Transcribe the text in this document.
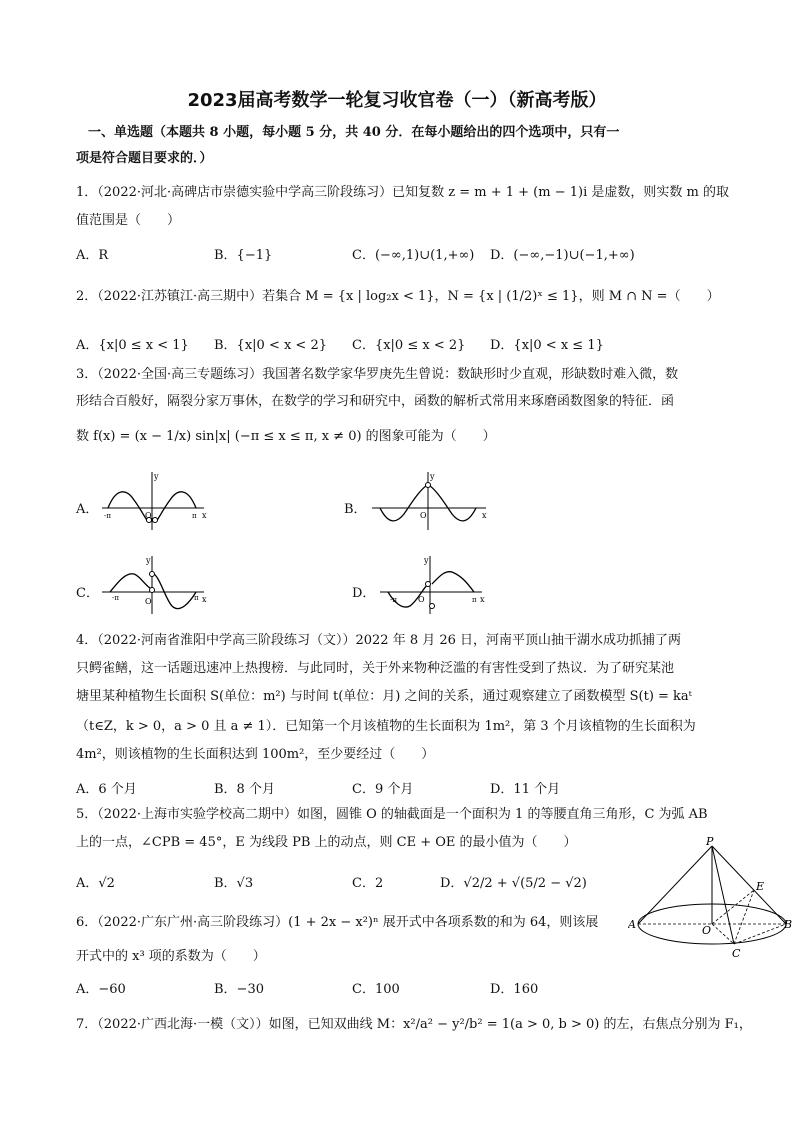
2023届高考数学一轮复习收官卷（一）（新高考版）
一、单选题（本题共 8 小题，每小题 5 分，共 40 分．在每小题给出的四个选项中，只有一
项是符合题目要求的．）
1．（2022·河北·高碑店市崇德实验中学高三阶段练习）已知复数 z = m + 1 + (m − 1)i 是虚数，则实数 m 的取
值范围是（　　）
A．R	B．{−1}	C．(−∞,1)∪(1,+∞) D．(−∞,−1)∪(−1,+∞)
2．（2022·江苏镇江·高三期中）若集合 M = {x | log₂x < 1}，N = {x | (1/2)ˣ ≤ 1}，则 M ∩ N =（　　）
A．{x|0 ≤ x < 1} B．{x|0 < x < 2} C．{x|0 ≤ x < 2} D．{x|0 < x ≤ 1}
3．（2022·全国·高三专题练习）我国著名数学家华罗庚先生曾说：数缺形时少直观，形缺数时难入微，数
形结合百般好，隔裂分家万事休，在数学的学习和研究中，函数的解析式常用来琢磨函数图象的特征．函
数 f(x) = (x − 1/x) sin|x| (−π ≤ x ≤ π, x ≠ 0) 的图象可能为（　　）
A．	B．
C．	D．
y
x
O
-π	π
y
x
O
y
x
O
-π	π
y
x
O
-π	π
4．（2022·河南省淮阳中学高三阶段练习（文））2022 年 8 月 26 日，河南平顶山抽干湖水成功抓捕了两
只鳄雀鳝，这一话题迅速冲上热搜榜．与此同时，关于外来物种泛滥的有害性受到了热议．为了研究某池
塘里某种植物生长面积 S(单位：m²) 与时间 t(单位：月) 之间的关系，通过观察建立了函数模型 S(t) = kaᵗ
（t∈Z，k > 0，a > 0 且 a ≠ 1）．已知第一个月该植物的生长面积为 1m²，第 3 个月该植物的生长面积为
4m²，则该植物的生长面积达到 100m²，至少要经过（　　）
A．6 个月	B．8 个月	C．9 个月	D．11 个月
5．（2022·上海市实验学校高二期中）如图，圆锥 O 的轴截面是一个面积为 1 的等腰直角三角形，C 为弧 AB
上的一点，∠CPB = 45°，E 为线段 PB 上的动点，则 CE + OE 的最小值为（　　）
A．√2	B．√3	C．2	D．√2/2 + √(5/2 − √2)
P
E
A	O	B
C
6．（2022·广东广州·高三阶段练习）(1 + 2x − x²)ⁿ 展开式中各项系数的和为 64，则该展
开式中的 x³ 项的系数为（　　）
A．−60	B．−30	C．100	D．160
7．（2022·广西北海·一模（文））如图，已知双曲线 M：x²/a² − y²/b² = 1(a > 0, b > 0) 的左，右焦点分别为 F₁，
